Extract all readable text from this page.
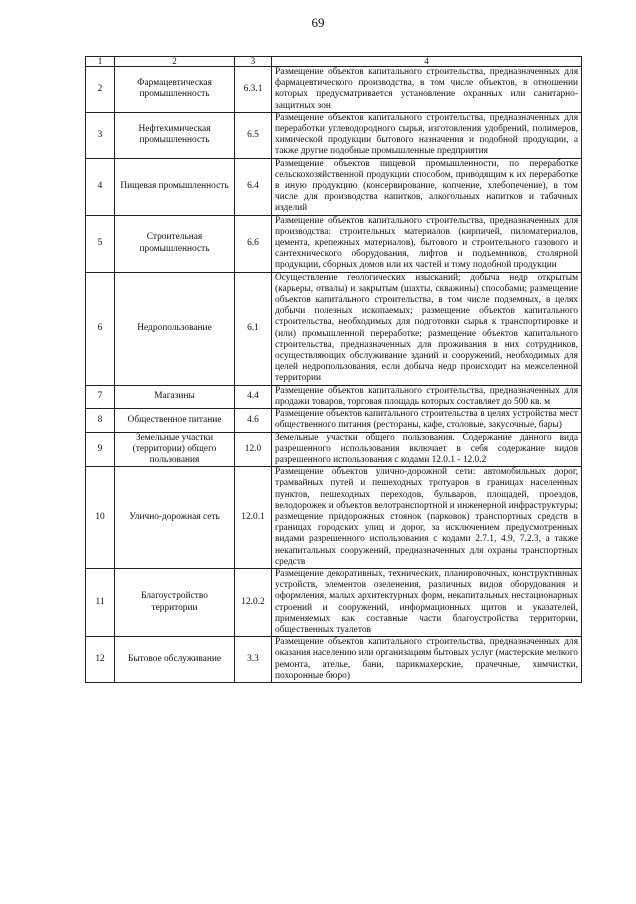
69
1	2	3	4
2	Фармацевтическая промышленность	6.3.1	Размещение объектов капитального строительства, предназначенных для фармацевтического производства, в том числе объектов, в отношении которых предусматривается установление охранных или санитарно-защитных зон
3	Нефтехимическая промышленность	6.5	Размещение объектов капитального строительства, предназначенных для переработки углеводородного сырья, изготовления удобрений, полимеров, химической продукции бытового назначения и подобной продукции, а также другие подобные промышленные предприятия
4	Пищевая промышленность	6.4	Размещение объектов пищевой промышленности, по переработке сельскохозяйственной продукции способом, приводящим к их переработке в иную продукцию (консервирование, копчение, хлебопечение), в том числе для производства напитков, алкогольных напитков и табачных изделий
5	Строительная промышленность	6.6	Размещение объектов капитального строительства, предназначенных для производства: строительных материалов (кирпичей, пиломатериалов, цемента, крепежных материалов), бытового и строительного газового и сантехнического оборудования, лифтов и подъемников, столярной продукции, сборных домов или их частей и тому подобной продукции
6	Недропользование	6.1	Осуществление геологических изысканий; добыча недр открытым (карьеры, отвалы) и закрытым (шахты, скважины) способами; размещение объектов капитального строительства, в том числе подземных, в целях добычи полезных ископаемых; размещение объектов капитального строительства, необходимых для подготовки сырья к транспортировке и (или) промышленной переработке; размещение объектов капитального строительства, предназначенных для проживания в них сотрудников, осуществляющих обслуживание зданий и сооружений, необходимых для целей недропользования, если добыча недр происходит на межселенной территории
7	Магазины	4.4	Размещение объектов капитального строительства, предназначенных для продажи товаров, торговая площадь которых составляет до 500 кв. м
8	Общественное питание	4.6	Размещение объектов капитального строительства в целях устройства мест общественного питания (рестораны, кафе, столовые, закусочные, бары)
9	Земельные участки (территории) общего пользования	12.0	Земельные участки общего пользования. Содержание данного вида разрешенного использования включает в себя содержание видов разрешенного использования с кодами 12.0.1 - 12.0.2
10	Улично-дорожная сеть	12.0.1	Размещение объектов улично-дорожной сети: автомобильных дорог, трамвайных путей и пешеходных тротуаров в границах населенных пунктов, пешеходных переходов, бульваров, площадей, проездов, велодорожек и объектов велотранспортной и инженерной инфраструктуры; размещение придорожных стоянок (парковок) транспортных средств в границах городских улиц и дорог, за исключением предусмотренных видами разрешенного использования с кодами 2.7.1, 4.9, 7.2.3, а также некапитальных сооружений, предназначенных для охраны транспортных средств
11	Благоустройство территории	12.0.2	Размещение декоративных, технических, планировочных, конструктивных устройств, элементов озеленения, различных видов оборудования и оформления, малых архитектурных форм, некапитальных нестационарных строений и сооружений, информационных щитов и указателей, применяемых как составные части благоустройства территории, общественных туалетов
12	Бытовое обслуживание	3.3	Размещение объектов капитального строительства, предназначенных для оказания населению или организациям бытовых услуг (мастерские мелкого ремонта, ателье, бани, парикмахерские, прачечные, химчистки, похоронные бюро)
